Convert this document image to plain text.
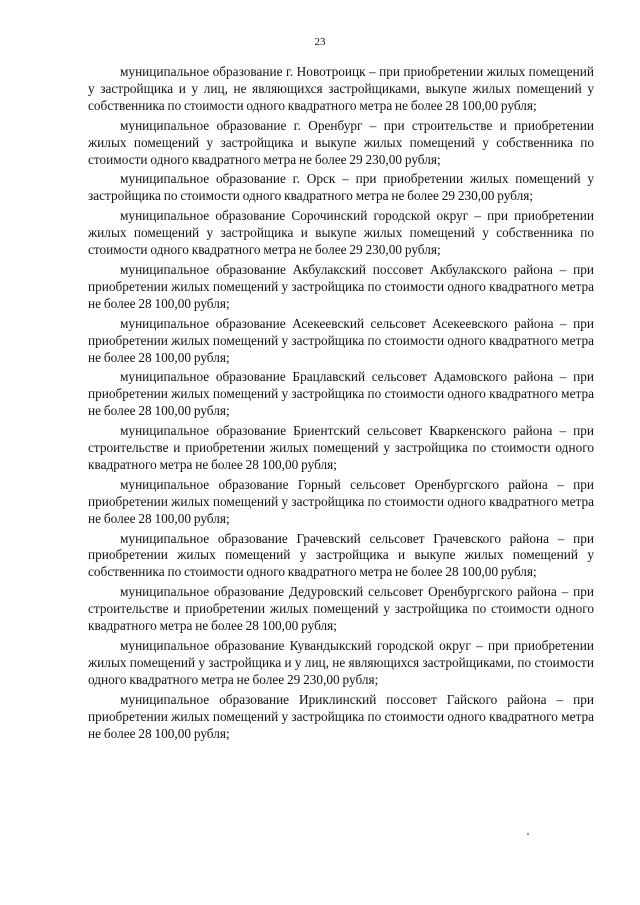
23

муниципальное образование г. Новотроицк – при приобретении жилых помещений у застройщика и у лиц, не являющихся застройщиками, выкупе жилых помещений у собственника по стоимости одного квадратного метра не более 28 100,00 рубля;

муниципальное образование г. Оренбург – при строительстве и приобретении жилых помещений у застройщика и выкупе жилых помещений у собственника по стоимости одного квадратного метра не более 29 230,00 рубля;

муниципальное образование г. Орск – при приобретении жилых помещений у застройщика по стоимости одного квадратного метра не более 29 230,00 рубля;

муниципальное образование Сорочинский городской округ – при приобретении жилых помещений у застройщика и выкупе жилых помещений у собственника по стоимости одного квадратного метра не более 29 230,00 рубля;

муниципальное образование Акбулакский поссовет Акбулакского района – при приобретении жилых помещений у застройщика по стоимости одного квадратного метра не более 28 100,00 рубля;

муниципальное образование Асекеевский сельсовет Асекеевского района – при приобретении жилых помещений у застройщика по стоимости одного квадратного метра не более 28 100,00 рубля;

муниципальное образование Брацлавский сельсовет Адамовского района – при приобретении жилых помещений у застройщика по стоимости одного квадратного метра не более 28 100,00 рубля;

муниципальное образование Бриентский сельсовет Кваркенского района – при строительстве и приобретении жилых помещений у застройщика по стоимости одного квадратного метра не более 28 100,00 рубля;

муниципальное образование Горный сельсовет Оренбургского района – при приобретении жилых помещений у застройщика по стоимости одного квадратного метра не более 28 100,00 рубля;

муниципальное образование Грачевский сельсовет Грачевского района – при приобретении жилых помещений у застройщика и выкупе жилых помещений у собственника по стоимости одного квадратного метра не более 28 100,00 рубля;

муниципальное образование Дедуровский сельсовет Оренбургского района – при строительстве и приобретении жилых помещений у застройщика по стоимости одного квадратного метра не более 28 100,00 рубля;

муниципальное образование Кувандыкский городской округ – при приобретении жилых помещений у застройщика и у лиц, не являющихся застройщиками, по стоимости одного квадратного метра не более 29 230,00 рубля;

муниципальное образование Ириклинский поссовет Гайского района – при приобретении жилых помещений у застройщика по стоимости одного квадратного метра не более 28 100,00 рубля;
